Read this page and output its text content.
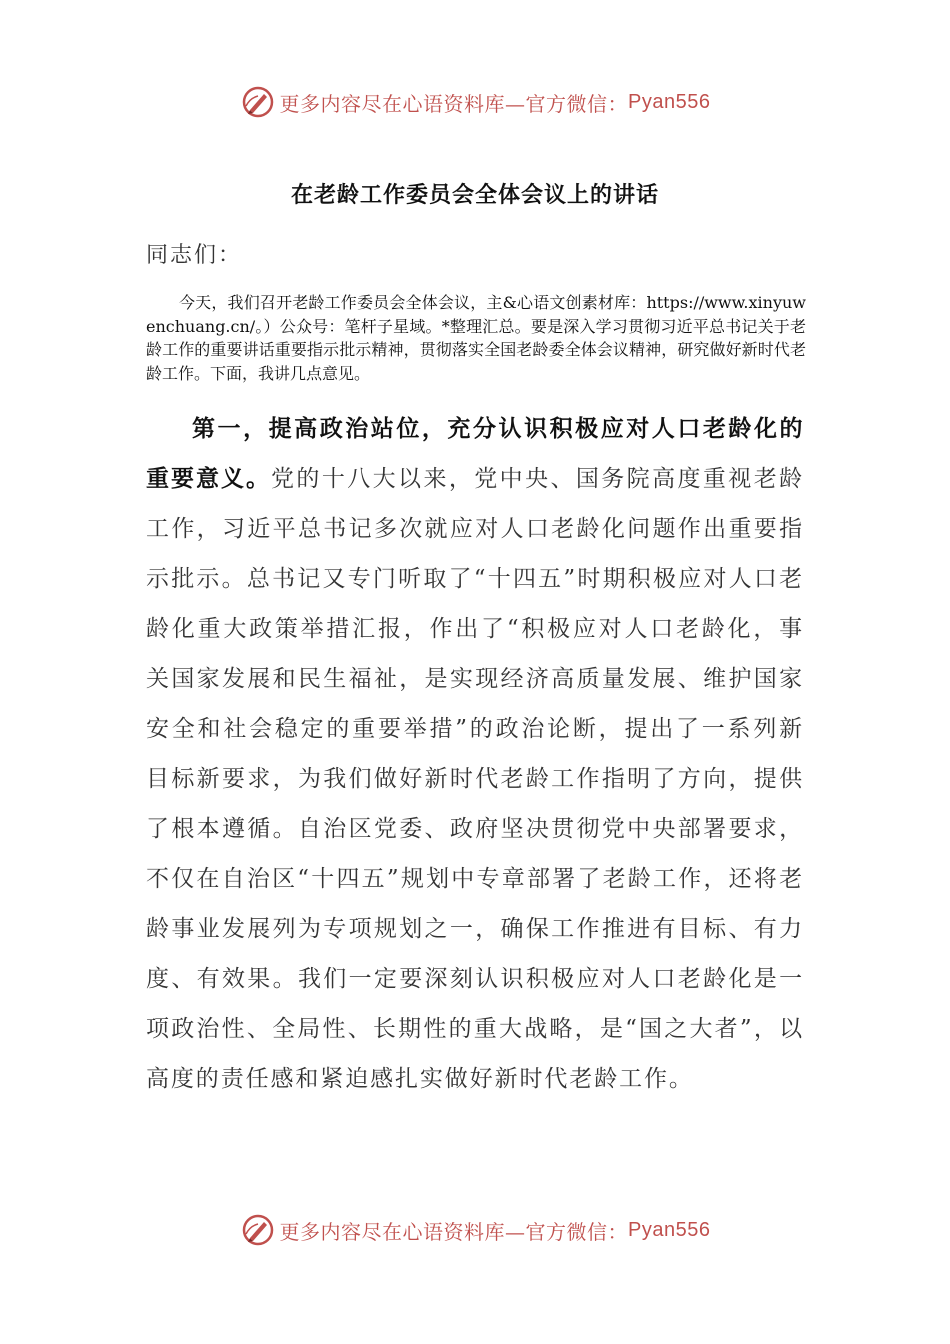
更多内容尽在心语资料库—官方微信： Pyan556
在老龄工作委员会全体会议上的讲话
同志们：
今天，我们召开老龄工作委员会全体会议，主&心语文创素材库：https://www.xinyuwenchuang.cn/。）公众号：笔杆子星域。*整理汇总。要是深入学习贯彻习近平总书记关于老龄工作的重要讲话重要指示批示精神，贯彻落实全国老龄委全体会议精神，研究做好新时代老龄工作。下面，我讲几点意见。
第一，提高政治站位，充分认识积极应对人口老龄化的重要意义。党的十八大以来，党中央、国务院高度重视老龄工作，习近平总书记多次就应对人口老龄化问题作出重要指示批示。总书记又专门听取了“十四五”时期积极应对人口老龄化重大政策举措汇报，作出了“积极应对人口老龄化，事关国家发展和民生福祉，是实现经济高质量发展、维护国家安全和社会稳定的重要举措”的政治论断，提出了一系列新目标新要求，为我们做好新时代老龄工作指明了方向，提供了根本遵循。自治区党委、政府坚决贯彻党中央部署要求，不仅在自治区“十四五”规划中专章部署了老龄工作，还将老龄事业发展列为专项规划之一，确保工作推进有目标、有力度、有效果。我们一定要深刻认识积极应对人口老龄化是一项政治性、全局性、长期性的重大战略，是“国之大者”，以高度的责任感和紧迫感扎实做好新时代老龄工作。
更多内容尽在心语资料库—官方微信： Pyan556
